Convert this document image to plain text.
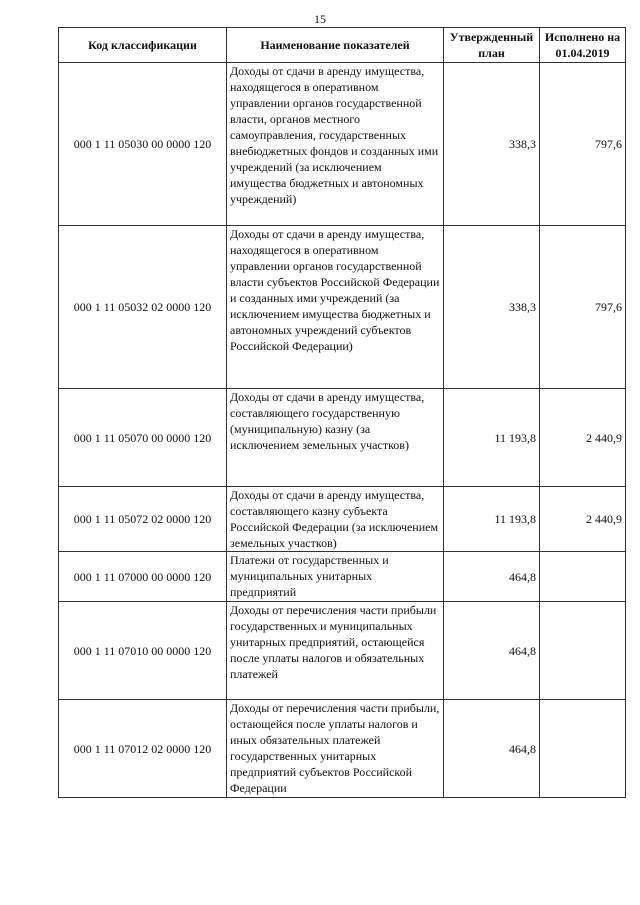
15
Код классификации	Наименование показателей	Утвержденный план	Исполнено на 01.04.2019
000 1 11 05030 00 0000 120	Доходы от сдачи в аренду имущества, находящегося в оперативном управлении органов государственной власти, органов местного самоуправления, государственных внебюджетных фондов и созданных ими учреждений (за исключением имущества бюджетных и автономных учреждений)	338,3	797,6
000 1 11 05032 02 0000 120	Доходы от сдачи в аренду имущества, находящегося в оперативном управлении органов государственной власти субъектов Российской Федерации и созданных ими учреждений (за исключением имущества бюджетных и автономных учреждений субъектов Российской Федерации)	338,3	797,6
000 1 11 05070 00 0000 120	Доходы от сдачи в аренду имущества, составляющего государственную (муниципальную) казну (за исключением земельных участков)	11 193,8	2 440,9
000 1 11 05072 02 0000 120	Доходы от сдачи в аренду имущества, составляющего казну субъекта Российской Федерации (за исключением земельных участков)	11 193,8	2 440,9
000 1 11 07000 00 0000 120	Платежи от государственных и муниципальных унитарных предприятий	464,8	
000 1 11 07010 00 0000 120	Доходы от перечисления части прибыли государственных и муниципальных унитарных предприятий, остающейся после уплаты налогов и обязательных платежей	464,8	
000 1 11 07012 02 0000 120	Доходы от перечисления части прибыли, остающейся после уплаты налогов и иных обязательных платежей государственных унитарных предприятий субъектов Российской Федерации	464,8	
